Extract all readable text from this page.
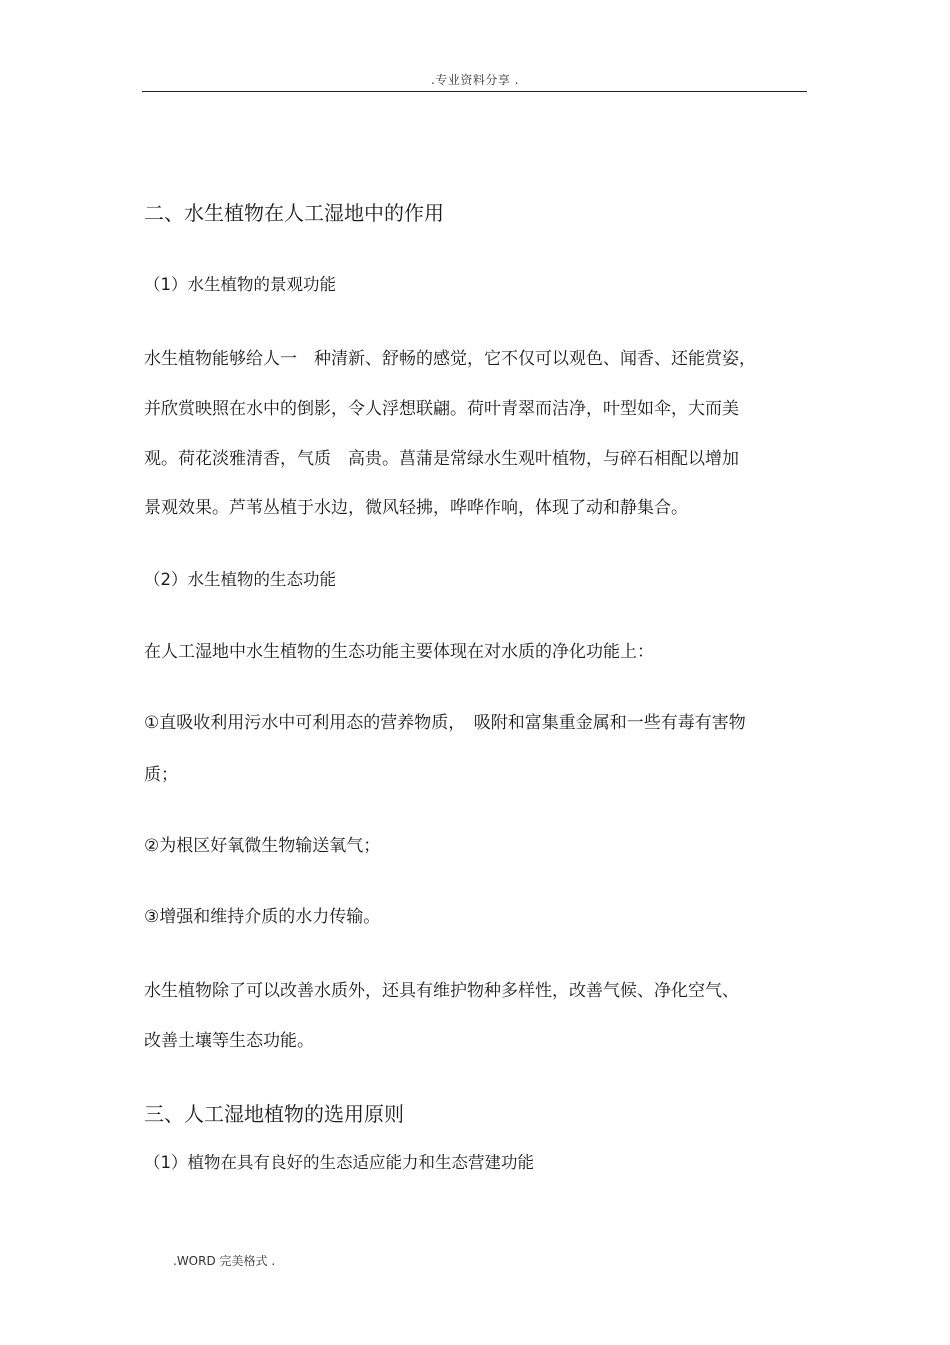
.专业资料分享 .
二、水生植物在人工湿地中的作用
（1）水生植物的景观功能
水生植物能够给人一　种清新、舒畅的感觉，它不仅可以观色、闻香、还能赏姿，
并欣赏映照在水中的倒影，令人浮想联翩。荷叶青翠而洁净，叶型如伞，大而美
观。荷花淡雅清香，气质　高贵。菖蒲是常绿水生观叶植物，与碎石相配以增加
景观效果。芦苇丛植于水边，微风轻拂，哗哗作响，体现了动和静集合。
（2）水生植物的生态功能
在人工湿地中水生植物的生态功能主要体现在对水质的净化功能上：
①直吸收利用污水中可利用态的营养物质，　吸附和富集重金属和一些有毒有害物
质；
②为根区好氧微生物输送氧气；
③增强和维持介质的水力传输。
水生植物除了可以改善水质外，还具有维护物种多样性，改善气候、净化空气、
改善土壤等生态功能。
三、人工湿地植物的选用原则
（1）植物在具有良好的生态适应能力和生态营建功能
.WORD 完美格式 .
